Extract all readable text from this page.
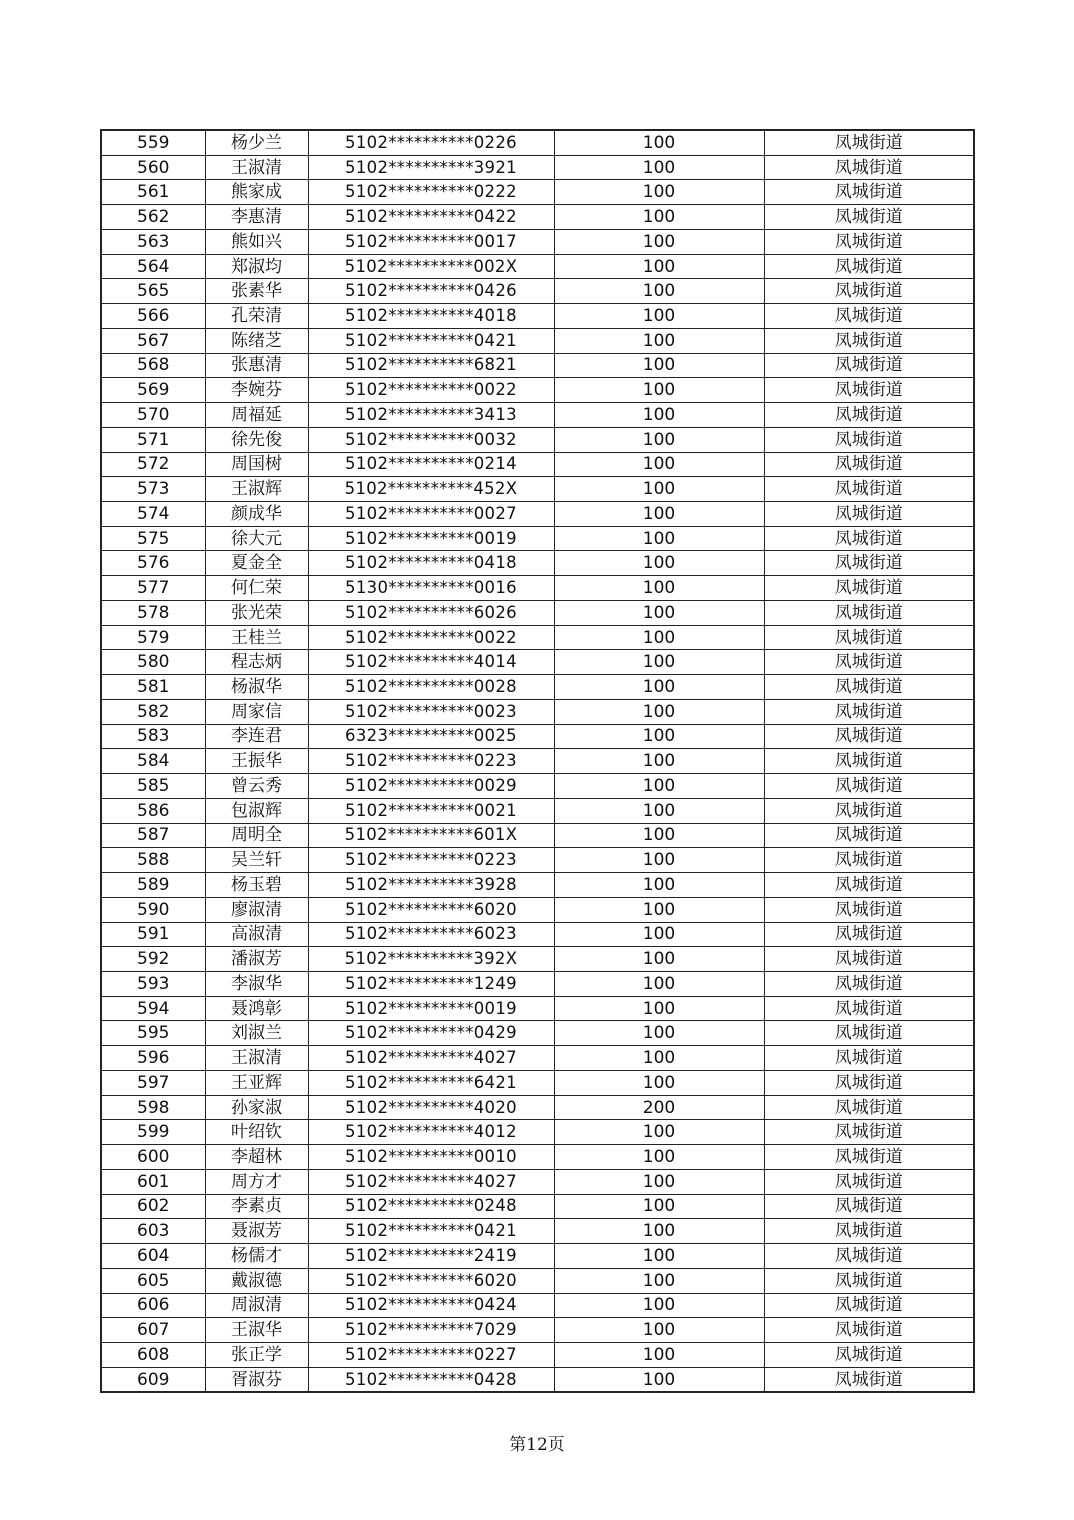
559	杨少兰	5102**********0226	100	凤城街道
560	王淑清	5102**********3921	100	凤城街道
561	熊家成	5102**********0222	100	凤城街道
562	李惠清	5102**********0422	100	凤城街道
563	熊如兴	5102**********0017	100	凤城街道
564	郑淑均	5102**********002X	100	凤城街道
565	张素华	5102**********0426	100	凤城街道
566	孔荣清	5102**********4018	100	凤城街道
567	陈绪芝	5102**********0421	100	凤城街道
568	张惠清	5102**********6821	100	凤城街道
569	李婉芬	5102**********0022	100	凤城街道
570	周福延	5102**********3413	100	凤城街道
571	徐先俊	5102**********0032	100	凤城街道
572	周国树	5102**********0214	100	凤城街道
573	王淑辉	5102**********452X	100	凤城街道
574	颜成华	5102**********0027	100	凤城街道
575	徐大元	5102**********0019	100	凤城街道
576	夏金全	5102**********0418	100	凤城街道
577	何仁荣	5130**********0016	100	凤城街道
578	张光荣	5102**********6026	100	凤城街道
579	王桂兰	5102**********0022	100	凤城街道
580	程志炳	5102**********4014	100	凤城街道
581	杨淑华	5102**********0028	100	凤城街道
582	周家信	5102**********0023	100	凤城街道
583	李连君	6323**********0025	100	凤城街道
584	王振华	5102**********0223	100	凤城街道
585	曾云秀	5102**********0029	100	凤城街道
586	包淑辉	5102**********0021	100	凤城街道
587	周明全	5102**********601X	100	凤城街道
588	吴兰轩	5102**********0223	100	凤城街道
589	杨玉碧	5102**********3928	100	凤城街道
590	廖淑清	5102**********6020	100	凤城街道
591	高淑清	5102**********6023	100	凤城街道
592	潘淑芳	5102**********392X	100	凤城街道
593	李淑华	5102**********1249	100	凤城街道
594	聂鸿彰	5102**********0019	100	凤城街道
595	刘淑兰	5102**********0429	100	凤城街道
596	王淑清	5102**********4027	100	凤城街道
597	王亚辉	5102**********6421	100	凤城街道
598	孙家淑	5102**********4020	200	凤城街道
599	叶绍钦	5102**********4012	100	凤城街道
600	李超林	5102**********0010	100	凤城街道
601	周方才	5102**********4027	100	凤城街道
602	李素贞	5102**********0248	100	凤城街道
603	聂淑芳	5102**********0421	100	凤城街道
604	杨儒才	5102**********2419	100	凤城街道
605	戴淑德	5102**********6020	100	凤城街道
606	周淑清	5102**********0424	100	凤城街道
607	王淑华	5102**********7029	100	凤城街道
608	张正学	5102**********0227	100	凤城街道
609	胥淑芬	5102**********0428	100	凤城街道
第12页
